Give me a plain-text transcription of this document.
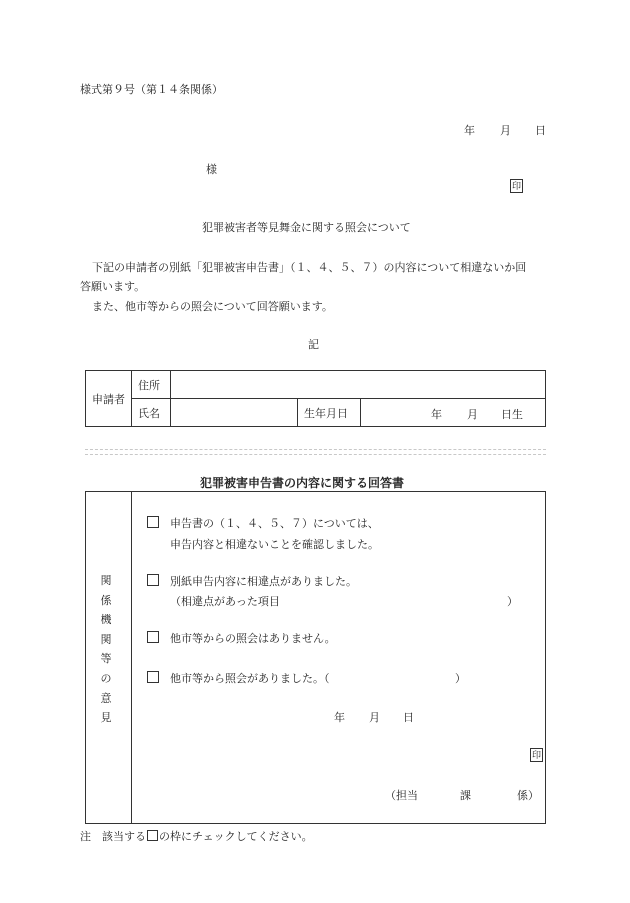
様式第９号（第１４条関係）
年 月 日
様
印
犯罪被害者等見舞金に関する照会について
下記の申請者の別紙「犯罪被害申告書」（１、４、５、７）の内容について相違ないか回
答願います。
また、他市等からの照会について回答願います。
記
申請者	住所			
	氏名		生年月日	年 月 日生
犯罪被害申告書の内容に関する回答書
関
係
機
関
等
の
意
見
申告書の（１、４、５、７）については、
申告内容と相違ないことを確認しました。
別紙申告内容に相違点がありました。
（相違点があった項目	）
他市等からの照会はありません。
他市等から照会がありました。（	）
年 月 日
印
（担当	課	係）
注　該当する の枠にチェックしてください。
